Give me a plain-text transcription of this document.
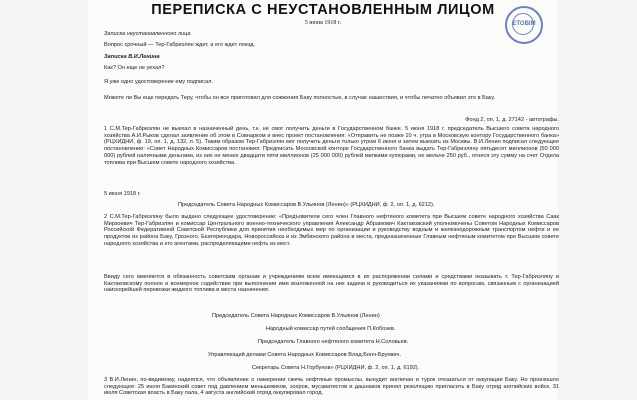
ПЕРЕПИСКА С НЕУСТАНОВЛЕННЫМ ЛИЦОМ
5 июня 1918 г.
Записка неустановленного лица
Вопрос срочный — Тер-Габриэлян ждет, а его ждет поезд.
Записка В.И.Ленина
Как? Он еще не уехал?
Я уже одно удостоверение ему подписал.
Можете ли Вы еще передать Теру, чтобы он все приготовил для сожжения Баку полностью, в случае нашествия, и чтобы печатно объявил это в Баку.
Фонд 2, оп. 1, д. 27142 - автографы.
1 С.М.Тер-Габриэлян не выехал в назначенный день, т.к. не смог получить деньги в Государственном банке. 5 июня 1918 г. председатель Высшего совета народного хозяйства А.И.Рыков сделал заявление об этом в Совнарком и внес проект постановления: «Отправить не позже 10 ч. утра в Московскую контору Государственного банка» (РЦХИДНИ, ф. 19, оп. 1, д. 132, л. 5). Таким образом Тер-Габриэлян мог получить деньги только утром 6 июня и затем выехать из Москвы. В.И.Ленин подписал следующее постановление: «Совет Народных Комиссаров постановил: Предписать Московской конторе Государственного банка выдать Тер-Габриэляну пятьдесят миллионов (50 000 000) рублей наличными деньгами, из них не менее двадцати пяти миллионов (25 000 000) рублей мелкими купюрами, не мельче 250 руб., отнеся эту сумму на счет Отдела топлива при Высшем совете народного хозяйства.
5 июня 1918 г.
Председатель Совета Народных Комиссаров В.Ульянов (Ленин)» (РЦХИДНИ, ф. 2, оп. 1, д. 6212).
2 С.М.Тер-Габриэляну было выдано следующее удостоверение: «Предъявители сего член Главного нефтяного комитета при Высшем совете народного хозяйства Саак Мирзоевич Тер-Габриэлян и комиссар Центрального военно-технического управления Александр Абрамович Кактаковский уполномочены Советом Народных Комиссаров Российской Федеративной Советской Республики для принятия необходимых мер по организации и руководству водным и железнодорожным транспортом нефти и ее продуктов из района Баку, Грозного, Екатеринодара, Новороссийска и из Эмбинского района в места, предназначенные Главным нефтяным комитетом при Высшем совете народного хозяйства и его агентами, распределяющими нефть из мест.
Ввиду сего вменяется в обязанность советским органам и учреждениям всем имеющимся в их распоряжении силами и средствами оказывать т. Тер-Габриэляну и Кактаковскому полное и всемерное содействие при выполнении ими возложенной на них задачи и руководиться их указаниями по вопросам, связанным с организацией наискорейшей перевозки жидкого топлива в места назначения.
Председатель Совета Народных Комиссаров В.Ульянов (Ленин)
Народный комиссар путей сообщения П.Кобозев.
Председатель Главного нефтяного комитета Н.Соловьев.
Управляющий делами Совета Народных Комиссаров Влад.Бонч-Бруевич.
Секретарь Совета Н.Горбунов» (РЦХИДНИ, ф. 2, оп. 1, д. 6192).
3 В.И.Ленин, по-видимому, надеялся, что объявление о намерении сжечь нефтяные промыслы, вынудит англичан и турок отказаться от оккупации Баку. Но произошло следующее: 25 июля Бакинский совет под давлением меньшевиков, эсеров, мусаватистов и дашнаков принял резолюцию пригласить в Баку отряд английских войск. 31 июля Советская власть в Баку пала, 4 августа английский отряд оккупировал город.
ETOBIM
